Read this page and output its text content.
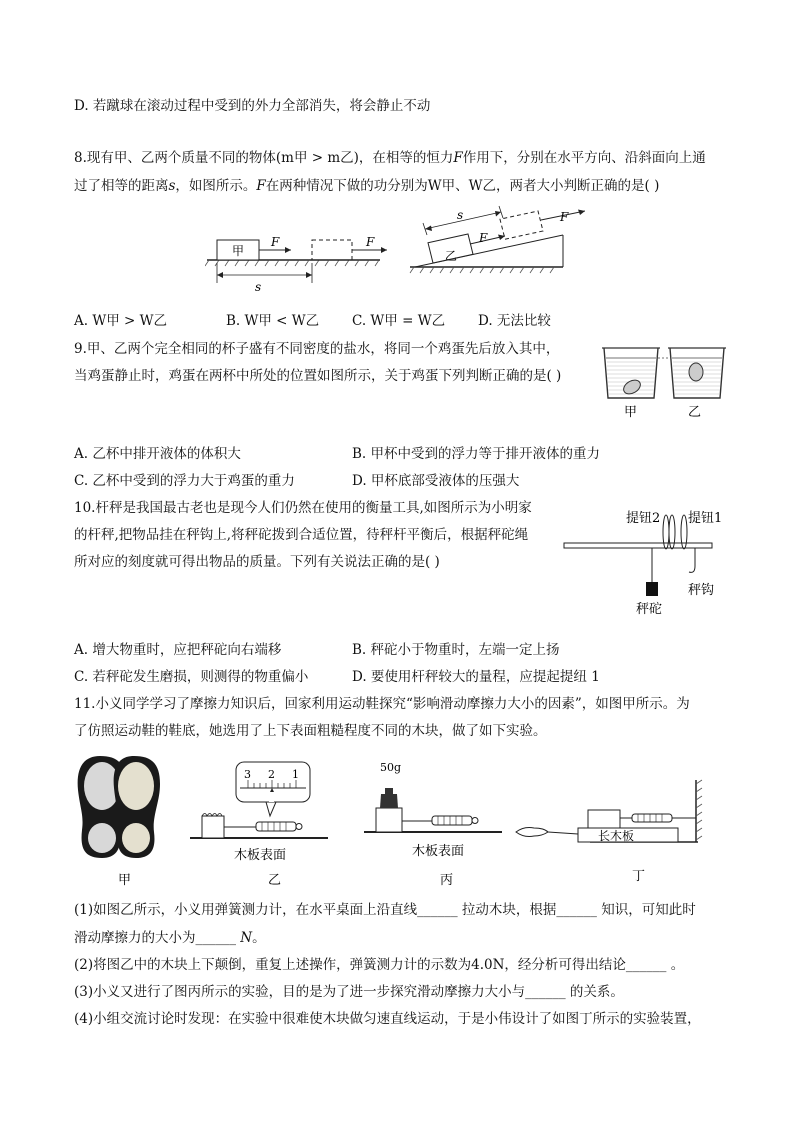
D. 若蹴球在滚动过程中受到的外力全部消失，将会静止不动
8.现有甲、乙两个质量不同的物体(m甲 > m乙)，在相等的恒力𝐹作用下，分别在水平方向、沿斜面向上通
过了相等的距离𝑠，如图所示。𝐹在两种情况下做的功分别为W甲、W乙，两者大小判断正确的是( )
甲
F	F
s
乙
F
F
s
A. W甲 > W乙	B. W甲 < W乙 C. W甲 = W乙 D. 无法比较
9.甲、乙两个完全相同的杯子盛有不同密度的盐水，将同一个鸡蛋先后放入其中，
当鸡蛋静止时，鸡蛋在两杯中所处的位置如图所示，关于鸡蛋下列判断正确的是( )
甲	乙
A. 乙杯中排开液体的体积大	B. 甲杯中受到的浮力等于排开液体的重力
C. 乙杯中受到的浮力大于鸡蛋的重力	D. 甲杯底部受液体的压强大
10.杆秤是我国最古老也是现今人们仍然在使用的衡量工具,如图所示为小明家
的杆秤,把物品挂在秤钩上,将秤砣拨到合适位置，待秤杆平衡后，根据秤砣绳
所对应的刻度就可得出物品的质量。下列有关说法正确的是( )
提钮2 提钮1
秤砣
秤钩
A. 增大物重时，应把秤砣向右端移	B. 秤砣小于物重时，左端一定上扬
C. 若秤砣发生磨损，则测得的物重偏小	D. 要使用杆秤较大的量程，应提起提纽 1
11.小义同学学习了摩擦力知识后，回家利用运动鞋探究“影响滑动摩擦力大小的因素”，如图甲所示。为
了仿照运动鞋的鞋底，她选用了上下表面粗糙程度不同的木块，做了如下实验。
甲
3 2 1
木板表面
乙
50g
木板表面
丙
长木板
丁
(1)如图乙所示，小义用弹簧测力计，在水平桌面上沿直线______ 拉动木块，根据______ 知识，可知此时
滑动摩擦力的大小为______ 𝑁。
(2)将图乙中的木块上下颠倒，重复上述操作，弹簧测力计的示数为4.0N，经分析可得出结论______ 。
(3)小义又进行了图丙所示的实验，目的是为了进一步探究滑动摩擦力大小与______ 的关系。
(4)小组交流讨论时发现：在实验中很难使木块做匀速直线运动，于是小伟设计了如图丁所示的实验装置，
